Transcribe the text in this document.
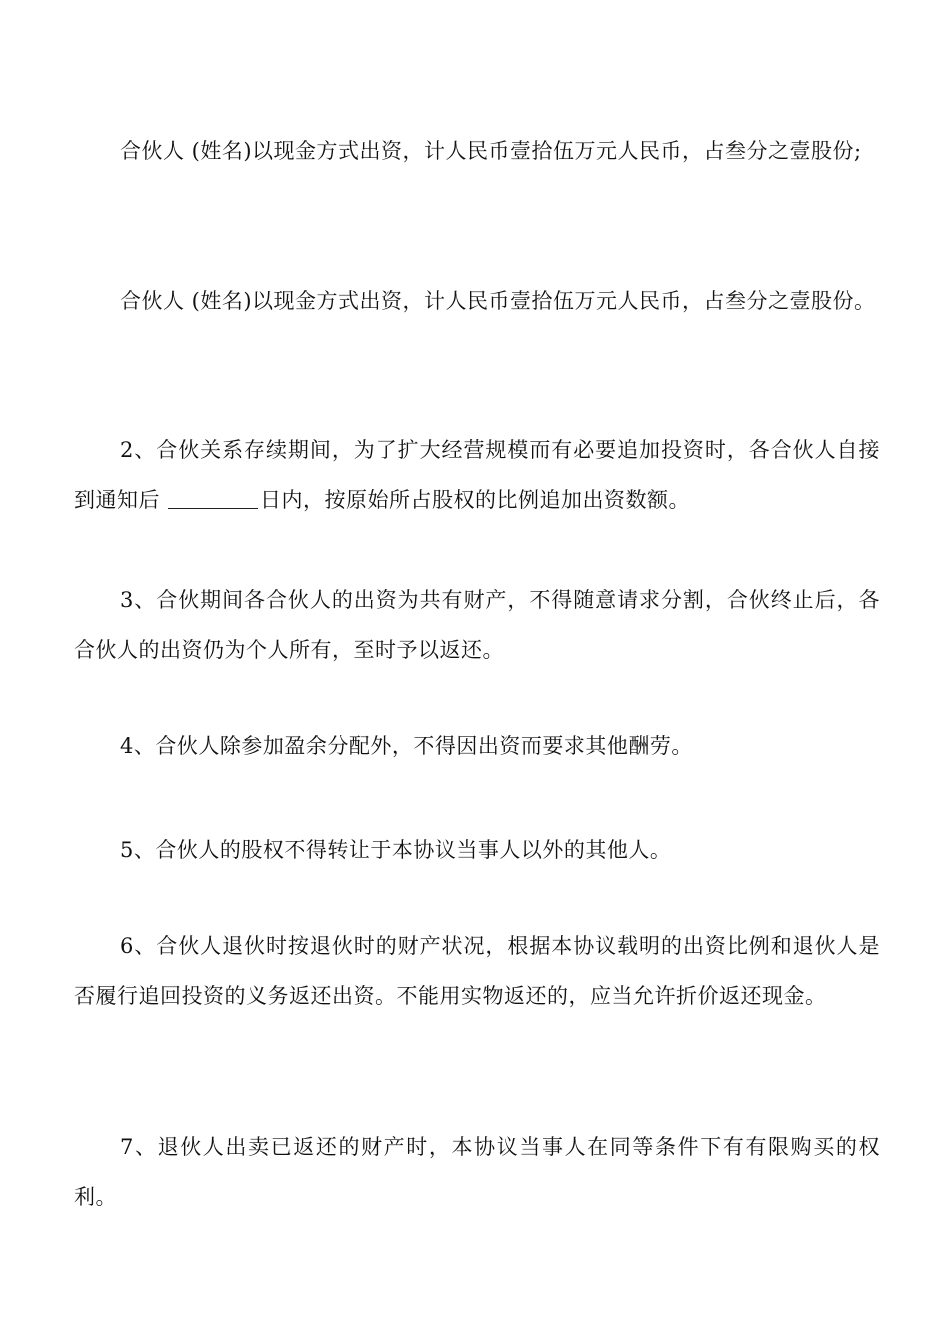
合伙人 (姓名)以现金方式出资，计人民币壹拾伍万元人民币，占叁分之壹股份;

合伙人 (姓名)以现金方式出资，计人民币壹拾伍万元人民币，占叁分之壹股份。

2、合伙关系存续期间，为了扩大经营规模而有必要追加投资时，各合伙人自接到通知后	日内，按原始所占股权的比例追加出资数额。

3、合伙期间各合伙人的出资为共有财产，不得随意请求分割，合伙终止后，各合伙人的出资仍为个人所有，至时予以返还。

4、合伙人除参加盈余分配外，不得因出资而要求其他酬劳。

5、合伙人的股权不得转让于本协议当事人以外的其他人。

6、合伙人退伙时按退伙时的财产状况，根据本协议载明的出资比例和退伙人是否履行追回投资的义务返还出资。不能用实物返还的，应当允许折价返还现金。

7、退伙人出卖已返还的财产时，本协议当事人在同等条件下有有限购买的权利。
